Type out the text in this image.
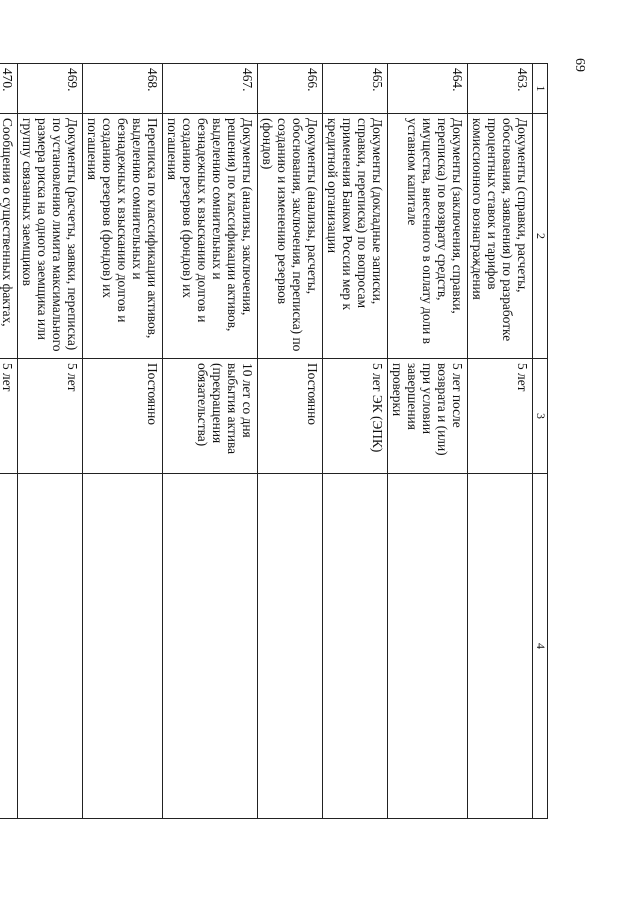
69
1	2	3	4
463.	Документы (справки, расчеты, обоснования, заявления) по разработке процентных ставок и тарифов комиссионного вознаграждения	5 лет	
464.	Документы (заключения, справки, переписка) по возврату средств, имущества, внесенного в оплату доли в уставном капитале	5 лет после возврата и (или) при условии завершения проверки	
465.	Документы (докладные записки, справки, переписка) по вопросам применения Банком России мер к кредитной организации	5 лет ЭК (ЭПК)	
466.	Документы (анализы, расчеты, обоснования, заключения, переписка) по созданию и изменению резервов (фондов)	Постоянно	
467.	Документы (анализы, заключения, решения) по классификации активов, выделению сомнительных и безнадежных к взысканию долгов и созданию резервов (фондов) их погашения	10 лет со дня выбытия актива (прекращения обязательства)	
468.	Переписка по классификации активов, выделению сомнительных и безнадежных к взысканию долгов и созданию резервов (фондов) их погашения	Постоянно	
469.	Документы (расчеты, заявки, переписка) по установлению лимита максимального размера риска на одного заемщика или группу связанных заемщиков	5 лет	
470.	Сообщения о существенных фактах,	5 лет	
